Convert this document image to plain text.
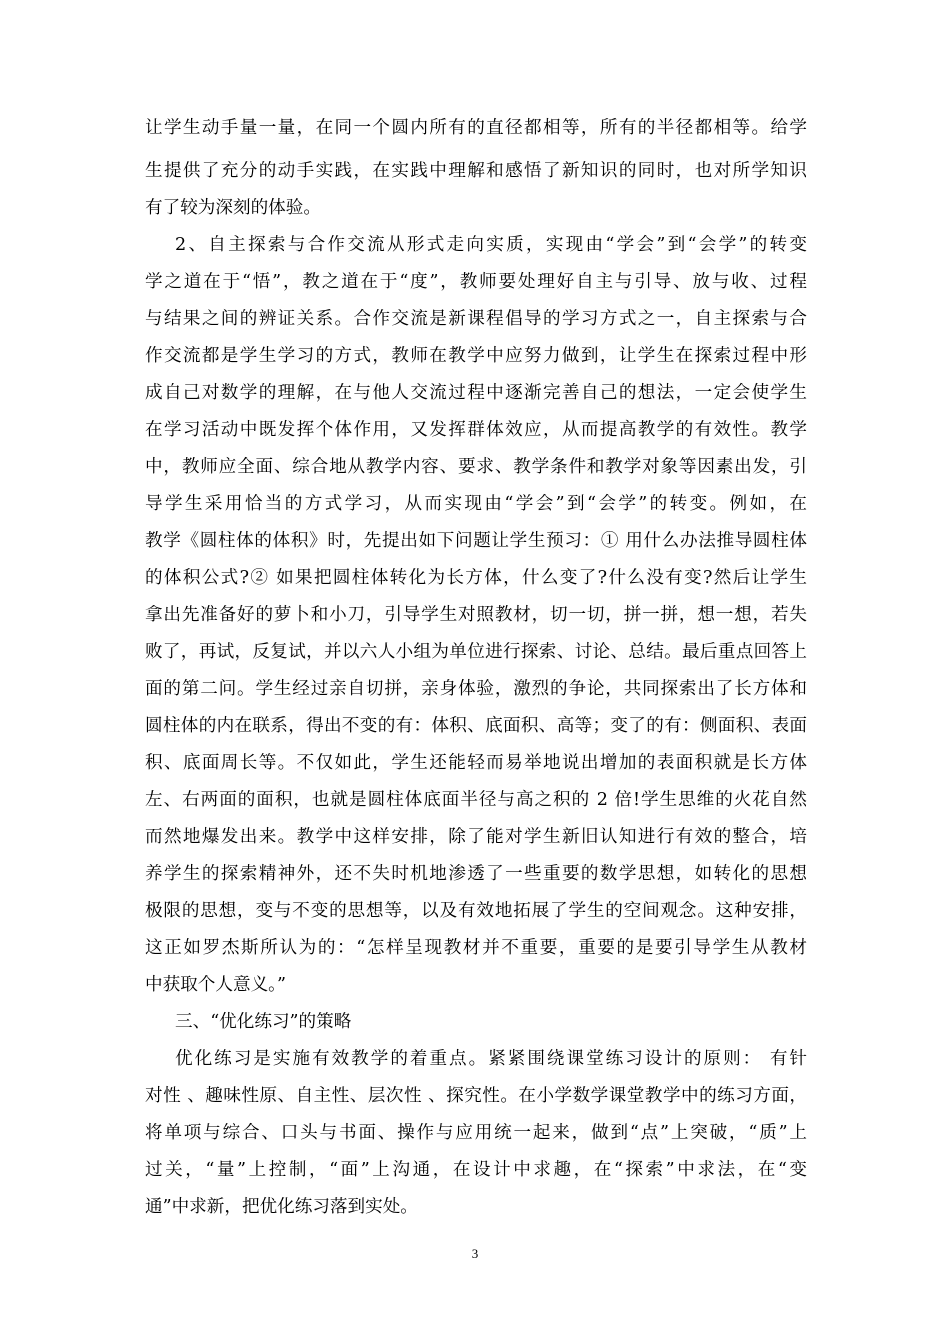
让学生动手量一量，在同一个圆内所有的直径都相等，所有的半径都相等。给学
生提供了充分的动手实践，在实践中理解和感悟了新知识的同时，也对所学知识
有了较为深刻的体验。
2、自主探索与合作交流从形式走向实质，实现由“学会”到“会学”的转变
学之道在于“悟”，教之道在于“度”，教师要处理好自主与引导、放与收、过程
与结果之间的辨证关系。合作交流是新课程倡导的学习方式之一，自主探索与合
作交流都是学生学习的方式，教师在教学中应努力做到，让学生在探索过程中形
成自己对数学的理解，在与他人交流过程中逐渐完善自己的想法，一定会使学生
在学习活动中既发挥个体作用，又发挥群体效应，从而提高教学的有效性。教学
中，教师应全面、综合地从教学内容、要求、教学条件和教学对象等因素出发，引
导学生采用恰当的方式学习，从而实现由“学会”到“会学”的转变。例如，在
教学《圆柱体的体积》时，先提出如下问题让学生预习：① 用什么办法推导圆柱体
的体积公式?② 如果把圆柱体转化为长方体，什么变了?什么没有变?然后让学生
拿出先准备好的萝卜和小刀，引导学生对照教材，切一切，拼一拼，想一想，若失
败了，再试，反复试，并以六人小组为单位进行探索、讨论、总结。最后重点回答上
面的第二问。学生经过亲自切拼，亲身体验，激烈的争论，共同探索出了长方体和
圆柱体的内在联系，得出不变的有：体积、底面积、高等；变了的有：侧面积、表面
积、底面周长等。不仅如此，学生还能轻而易举地说出增加的表面积就是长方体
左、右两面的面积，也就是圆柱体底面半径与高之积的 2 倍!学生思维的火花自然
而然地爆发出来。教学中这样安排，除了能对学生新旧认知进行有效的整合，培
养学生的探索精神外，还不失时机地渗透了一些重要的数学思想，如转化的思想
极限的思想，变与不变的思想等，以及有效地拓展了学生的空间观念。这种安排，
这正如罗杰斯所认为的：“怎样呈现教材并不重要，重要的是要引导学生从教材
中获取个人意义。”
三、“优化练习”的策略
优化练习是实施有效教学的着重点。紧紧围绕课堂练习设计的原则： 有针
对性 、趣味性原、自主性、层次性 、探究性。在小学数学课堂教学中的练习方面，
将单项与综合、口头与书面、操作与应用统一起来，做到“点”上突破，“质”上
过关，“量”上控制，“面”上沟通，在设计中求趣，在“探索”中求法，在“变
通”中求新，把优化练习落到实处。
3
